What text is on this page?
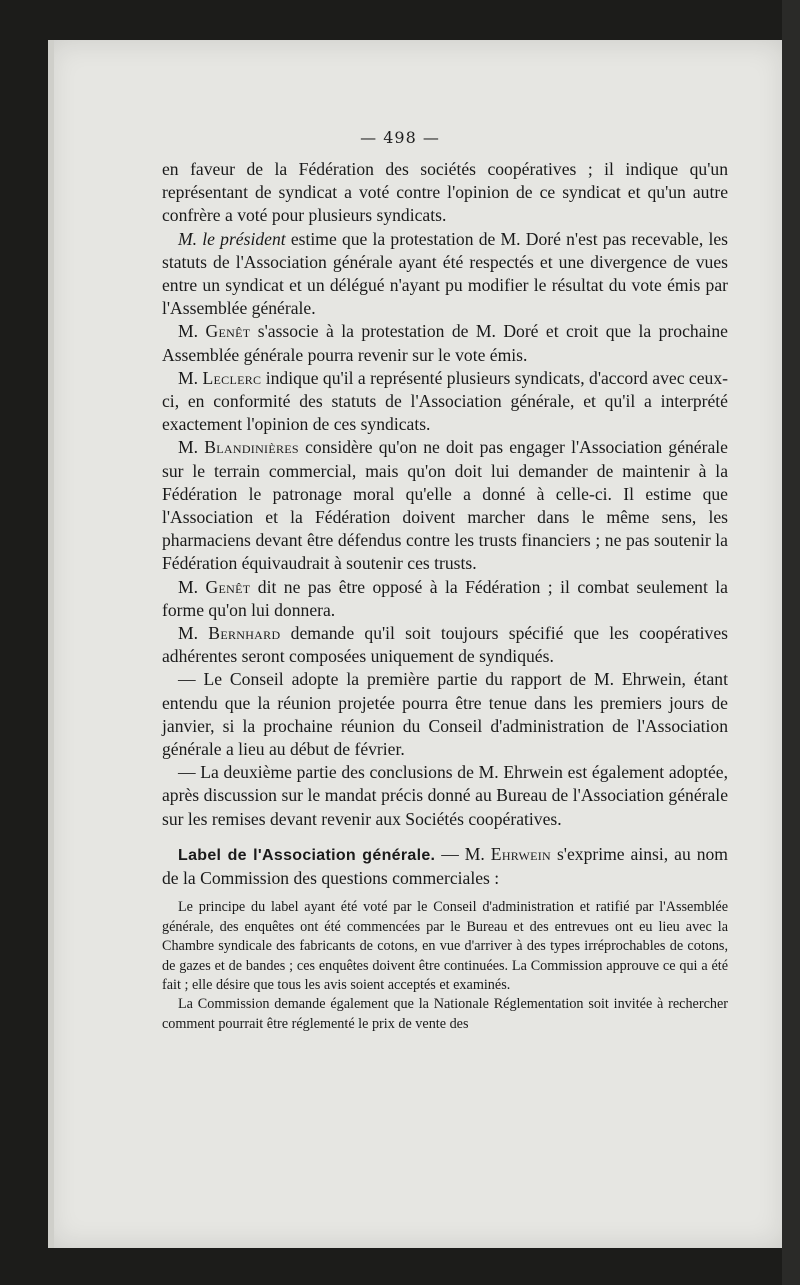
— 498 —

en faveur de la Fédération des sociétés coopératives ; il indique qu'un représentant de syndicat a voté contre l'opinion de ce syndicat et qu'un autre confrère a voté pour plusieurs syndicats.

M. le président estime que la protestation de M. Doré n'est pas recevable, les statuts de l'Association générale ayant été respectés et une divergence de vues entre un syndicat et un délégué n'ayant pu modifier le résultat du vote émis par l'Assemblée générale.

M. Genêt s'associe à la protestation de M. Doré et croit que la prochaine Assemblée générale pourra revenir sur le vote émis.

M. Leclerc indique qu'il a représenté plusieurs syndicats, d'accord avec ceux-ci, en conformité des statuts de l'Association générale, et qu'il a interprété exactement l'opinion de ces syndicats.

M. Blandinières considère qu'on ne doit pas engager l'Association générale sur le terrain commercial, mais qu'on doit lui demander de maintenir à la Fédération le patronage moral qu'elle a donné à celle-ci. Il estime que l'Association et la Fédération doivent marcher dans le même sens, les pharmaciens devant être défendus contre les trusts financiers ; ne pas soutenir la Fédération équivaudrait à soutenir ces trusts.

M. Genêt dit ne pas être opposé à la Fédération ; il combat seulement la forme qu'on lui donnera.

M. Bernhard demande qu'il soit toujours spécifié que les coopératives adhérentes seront composées uniquement de syndiqués.

— Le Conseil adopte la première partie du rapport de M. Ehrwein, étant entendu que la réunion projetée pourra être tenue dans les premiers jours de janvier, si la prochaine réunion du Conseil d'administration de l'Association générale a lieu au début de février.

— La deuxième partie des conclusions de M. Ehrwein est également adoptée, après discussion sur le mandat précis donné au Bureau de l'Association générale sur les remises devant revenir aux Sociétés coopératives.

Label de l'Association générale. — M. Ehrwein s'exprime ainsi, au nom de la Commission des questions commerciales :

Le principe du label ayant été voté par le Conseil d'administration et ratifié par l'Assemblée générale, des enquêtes ont été commencées par le Bureau et des entrevues ont eu lieu avec la Chambre syndicale des fabricants de cotons, en vue d'arriver à des types irréprochables de cotons, de gazes et de bandes ; ces enquêtes doivent être continuées. La Commission approuve ce qui a été fait ; elle désire que tous les avis soient acceptés et examinés.

La Commission demande également que la Nationale Réglementation soit invitée à rechercher comment pourrait être réglementé le prix de vente des
